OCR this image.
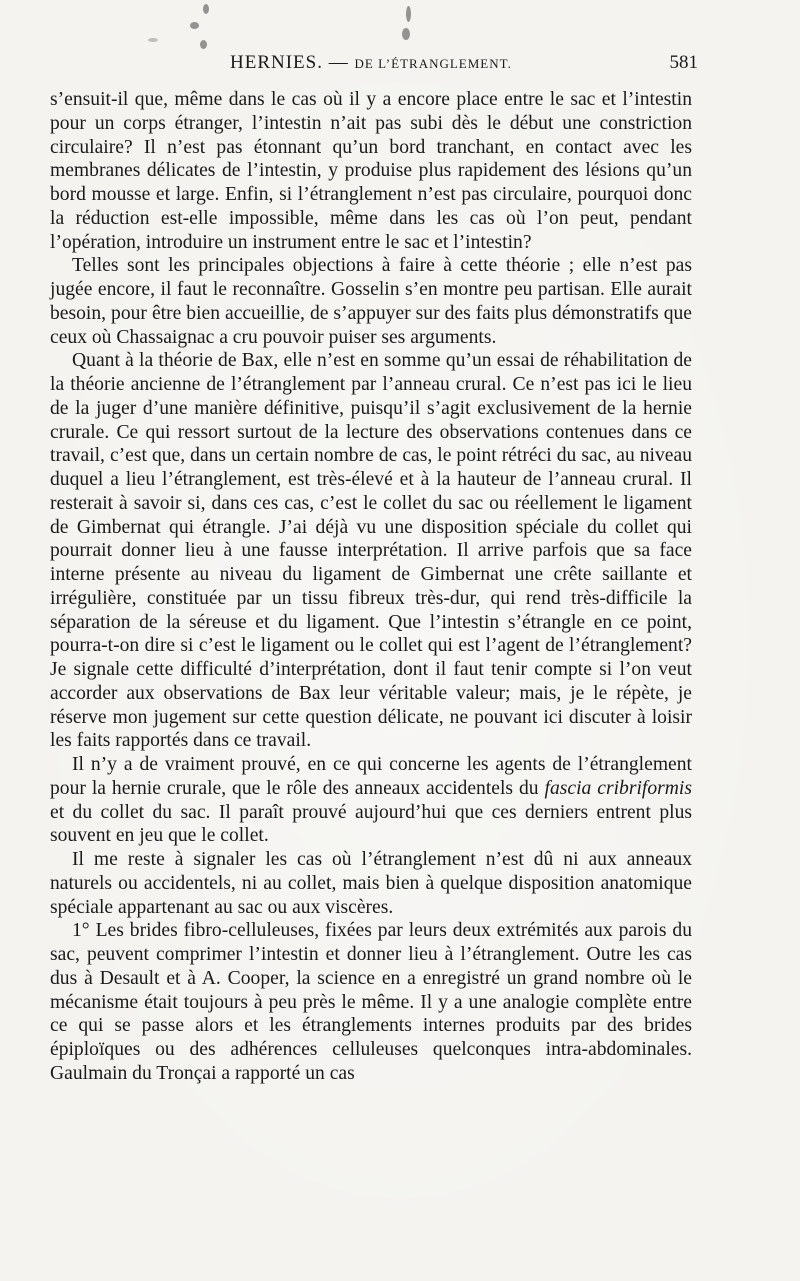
HERNIES. — DE L’ÉTRANGLEMENT.	581

s’ensuit-il que, même dans le cas où il y a encore place entre le sac et l’intestin pour un corps étranger, l’intestin n’ait pas subi dès le début une constriction circulaire? Il n’est pas étonnant qu’un bord tranchant, en contact avec les membranes délicates de l’intestin, y produise plus rapidement des lésions qu’un bord mousse et large. Enfin, si l’étranglement n’est pas circulaire, pourquoi donc la réduction est-elle impossible, même dans les cas où l’on peut, pendant l’opération, introduire un instrument entre le sac et l’intestin?

Telles sont les principales objections à faire à cette théorie ; elle n’est pas jugée encore, il faut le reconnaître. Gosselin s’en montre peu partisan. Elle aurait besoin, pour être bien accueillie, de s’appuyer sur des faits plus démonstratifs que ceux où Chassaignac a cru pouvoir puiser ses arguments.

Quant à la théorie de Bax, elle n’est en somme qu’un essai de réhabilitation de la théorie ancienne de l’étranglement par l’anneau crural. Ce n’est pas ici le lieu de la juger d’une manière définitive, puisqu’il s’agit exclusivement de la hernie crurale. Ce qui ressort surtout de la lecture des observations contenues dans ce travail, c’est que, dans un certain nombre de cas, le point rétréci du sac, au niveau duquel a lieu l’étranglement, est très-élevé et à la hauteur de l’anneau crural. Il resterait à savoir si, dans ces cas, c’est le collet du sac ou réellement le ligament de Gimbernat qui étrangle. J’ai déjà vu une disposition spéciale du collet qui pourrait donner lieu à une fausse interprétation. Il arrive parfois que sa face interne présente au niveau du ligament de Gimbernat une crête saillante et irrégulière, constituée par un tissu fibreux très-dur, qui rend très-difficile la séparation de la séreuse et du ligament. Que l’intestin s’étrangle en ce point, pourra-t-on dire si c’est le ligament ou le collet qui est l’agent de l’étranglement? Je signale cette difficulté d’interprétation, dont il faut tenir compte si l’on veut accorder aux observations de Bax leur véritable valeur; mais, je le répète, je réserve mon jugement sur cette question délicate, ne pouvant ici discuter à loisir les faits rapportés dans ce travail.

Il n’y a de vraiment prouvé, en ce qui concerne les agents de l’étranglement pour la hernie crurale, que le rôle des anneaux accidentels du fascia cribriformis et du collet du sac. Il paraît prouvé aujourd’hui que ces derniers entrent plus souvent en jeu que le collet.

Il me reste à signaler les cas où l’étranglement n’est dû ni aux anneaux naturels ou accidentels, ni au collet, mais bien à quelque disposition anatomique spéciale appartenant au sac ou aux viscères.

1° Les brides fibro-celluleuses, fixées par leurs deux extrémités aux parois du sac, peuvent comprimer l’intestin et donner lieu à l’étranglement. Outre les cas dus à Desault et à A. Cooper, la science en a enregistré un grand nombre où le mécanisme était toujours à peu près le même. Il y a une analogie complète entre ce qui se passe alors et les étranglements internes produits par des brides épiploïques ou des adhérences celluleuses quelconques intra-abdominales. Gaulmain du Tronçai a rapporté un cas
